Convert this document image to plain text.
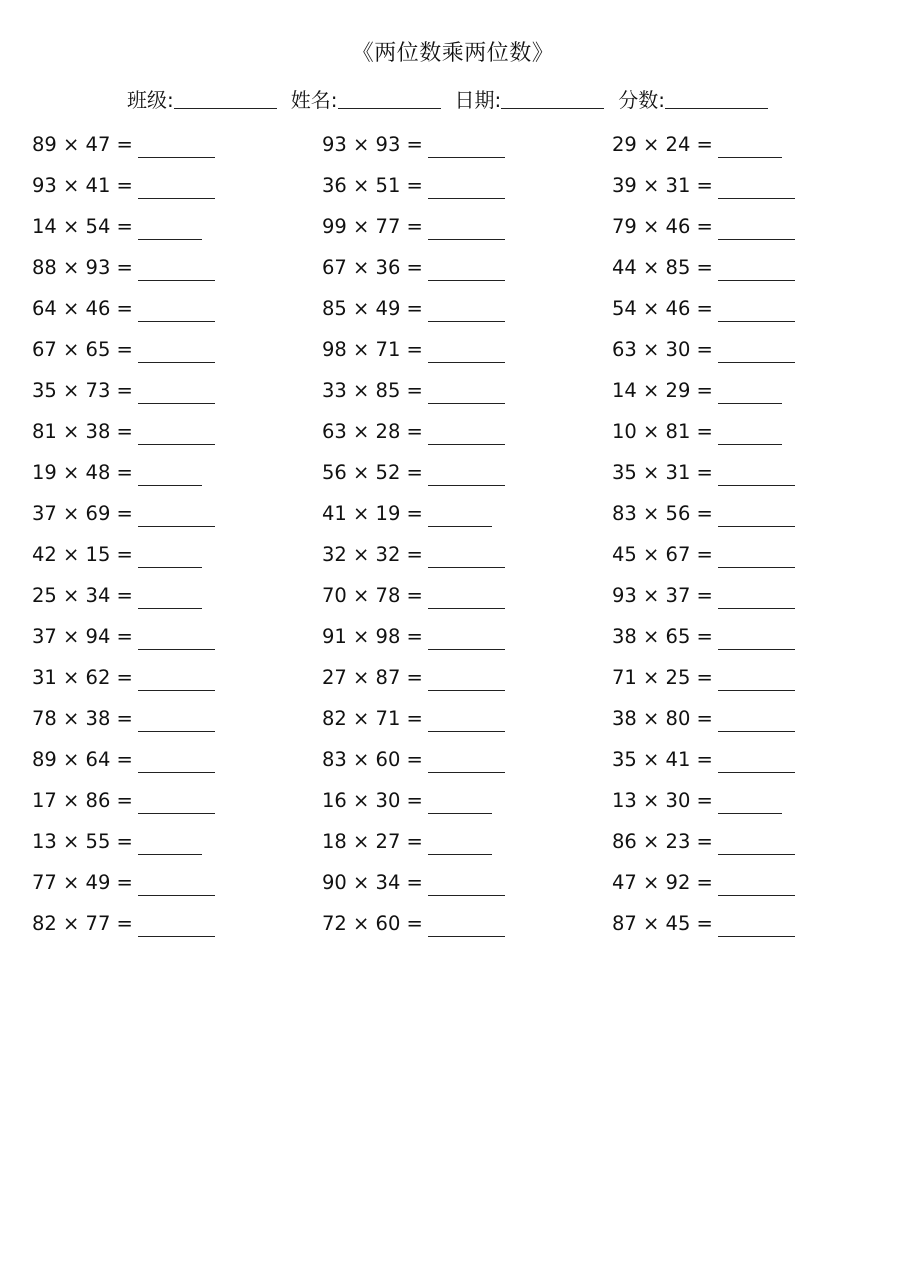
《两位数乘两位数》
班级:	姓名:	日期:	分数:
89 × 47 =	93 × 93 =	29 × 24 =
93 × 41 =	36 × 51 =	39 × 31 =
14 × 54 =	99 × 77 =	79 × 46 =
88 × 93 =	67 × 36 =	44 × 85 =
64 × 46 =	85 × 49 =	54 × 46 =
67 × 65 =	98 × 71 =	63 × 30 =
35 × 73 =	33 × 85 =	14 × 29 =
81 × 38 =	63 × 28 =	10 × 81 =
19 × 48 =	56 × 52 =	35 × 31 =
37 × 69 =	41 × 19 =	83 × 56 =
42 × 15 =	32 × 32 =	45 × 67 =
25 × 34 =	70 × 78 =	93 × 37 =
37 × 94 =	91 × 98 =	38 × 65 =
31 × 62 =	27 × 87 =	71 × 25 =
78 × 38 =	82 × 71 =	38 × 80 =
89 × 64 =	83 × 60 =	35 × 41 =
17 × 86 =	16 × 30 =	13 × 30 =
13 × 55 =	18 × 27 =	86 × 23 =
77 × 49 =	90 × 34 =	47 × 92 =
82 × 77 =	72 × 60 =	87 × 45 =
